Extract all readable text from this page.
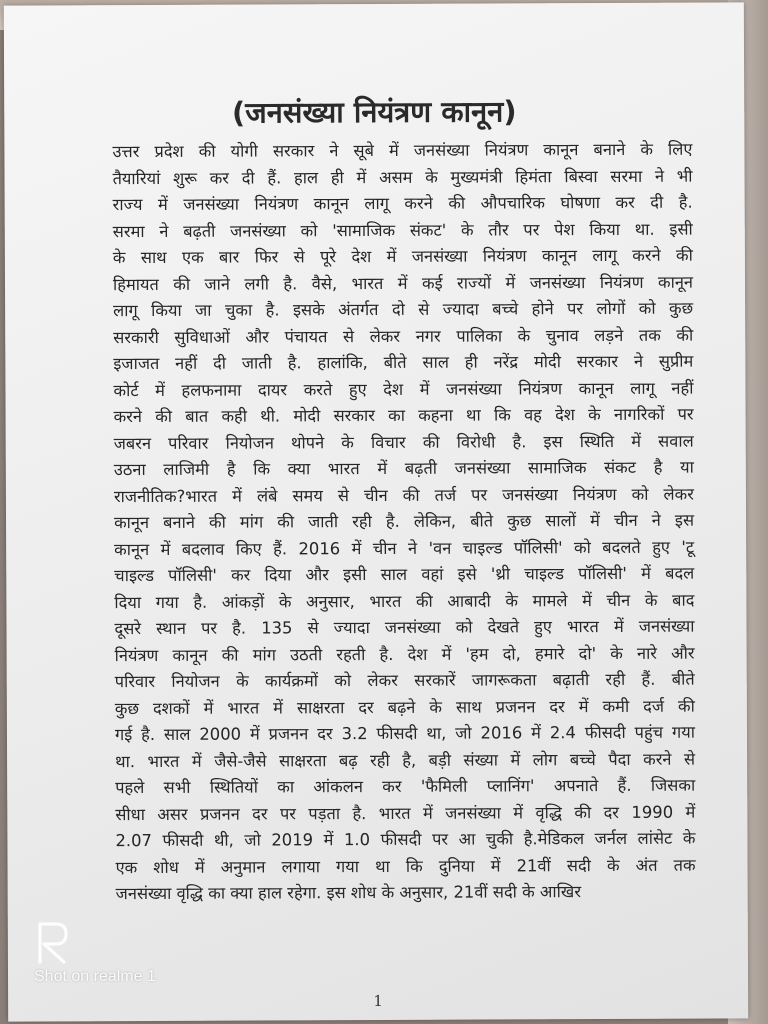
(जनसंख्या नियंत्रण कानून)
उत्तर प्रदेश की योगी सरकार ने सूबे में जनसंख्या नियंत्रण कानून बनाने के लिए
तैयारियां शुरू कर दी हैं. हाल ही में असम के मुख्यमंत्री हिमंता बिस्वा सरमा ने भी
राज्य में जनसंख्या नियंत्रण कानून लागू करने की औपचारिक घोषणा कर दी है.
सरमा ने बढ़ती जनसंख्या को 'सामाजिक संकट' के तौर पर पेश किया था. इसी
के साथ एक बार फिर से पूरे देश में जनसंख्या नियंत्रण कानून लागू करने की
हिमायत की जाने लगी है. वैसे, भारत में कई राज्यों में जनसंख्या नियंत्रण कानून
लागू किया जा चुका है. इसके अंतर्गत दो से ज्यादा बच्चे होने पर लोगों को कुछ
सरकारी सुविधाओं और पंचायत से लेकर नगर पालिका के चुनाव लड़ने तक की
इजाजत नहीं दी जाती है. हालांकि, बीते साल ही नरेंद्र मोदी सरकार ने सुप्रीम
कोर्ट में हलफनामा दायर करते हुए देश में जनसंख्या नियंत्रण कानून लागू नहीं
करने की बात कही थी. मोदी सरकार का कहना था कि वह देश के नागरिकों पर
जबरन परिवार नियोजन थोपने के विचार की विरोधी है. इस स्थिति में सवाल
उठना लाजिमी है कि क्या भारत में बढ़ती जनसंख्या सामाजिक संकट है या
राजनीतिक?भारत में लंबे समय से चीन की तर्ज पर जनसंख्या नियंत्रण को लेकर
कानून बनाने की मांग की जाती रही है. लेकिन, बीते कुछ सालों में चीन ने इस
कानून में बदलाव किए हैं. 2016 में चीन ने 'वन चाइल्ड पॉलिसी' को बदलते हुए 'टू
चाइल्ड पॉलिसी' कर दिया और इसी साल वहां इसे 'थ्री चाइल्ड पॉलिसी' में बदल
दिया गया है. आंकड़ों के अनुसार, भारत की आबादी के मामले में चीन के बाद
दूसरे स्थान पर है. 135 से ज्यादा जनसंख्या को देखते हुए भारत में जनसंख्या
नियंत्रण कानून की मांग उठती रहती है. देश में 'हम दो, हमारे दो' के नारे और
परिवार नियोजन के कार्यक्रमों को लेकर सरकारें जागरूकता बढ़ाती रही हैं. बीते
कुछ दशकों में भारत में साक्षरता दर बढ़ने के साथ प्रजनन दर में कमी दर्ज की
गई है. साल 2000 में प्रजनन दर 3.2 फीसदी था, जो 2016 में 2.4 फीसदी पहुंच गया
था. भारत में जैसे-जैसे साक्षरता बढ़ रही है, बड़ी संख्या में लोग बच्चे पैदा करने से
पहले सभी स्थितियों का आंकलन कर 'फैमिली प्लानिंग' अपनाते हैं. जिसका
सीधा असर प्रजनन दर पर पड़ता है. भारत में जनसंख्या में वृद्धि की दर 1990 में
2.07 फीसदी थी, जो 2019 में 1.0 फीसदी पर आ चुकी है.मेडिकल जर्नल लांसेट के
एक शोध में अनुमान लगाया गया था कि दुनिया में 21वीं सदी के अंत तक
जनसंख्या वृद्धि का क्या हाल रहेगा. इस शोध के अनुसार, 21वीं सदी के आखिर
1
Shot on realme 1
